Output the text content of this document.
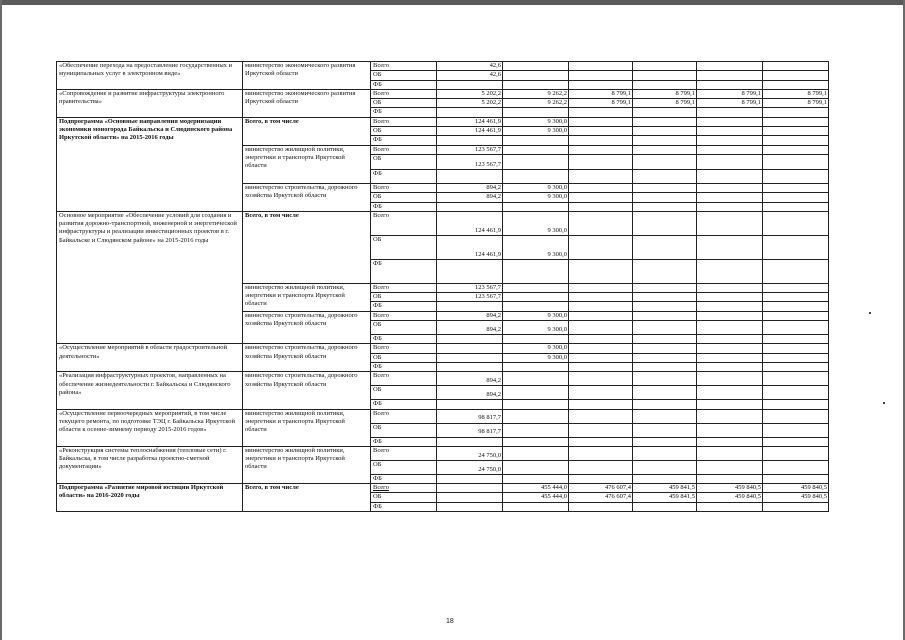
«Обеспечение перехода на предоставление государственных и муниципальных услуг в электронном виде»	министерство экономического развития Иркутской области	Всего	42,6					
		ОБ	42,6					
		ФБ						
«Сопровождение и развитие инфраструктуры электронного правительства»	министерство экономического развития Иркутской области	Всего	5 202,2	9 262,2	8 799,1	8 799,1	8 799,1	8 799,1
		ОБ	5 202,2	9 262,2	8 799,1	8 799,1	8 799,1	8 799,1
		ФБ						
Подпрограмма «Основные направления модернизации экономики моногорода Байкальска и Слюдянского района Иркутской области» на 2015-2016 годы	Всего, в том числе	Всего	124 461,9	9 300,0				
		ОБ	124 461,9	9 300,0				
		ФБ						
	министерство жилищной политики, энергетики и транспорта Иркутской области	Всего	123 567,7					
		ОБ	123 567,7					
		ФБ						
	министерство строительства, дорожного хозяйства Иркутской области	Всего	894,2	9 300,0				
		ОБ	894,2	9 300,0				
		ФБ						
Основное мероприятие «Обеспечение условий для создания и развития дорожно-транспортной, инженерной и энергетической инфраструктуры и реализации инвестиционных проектов в г. Байкальске и Слюдянском районе» на 2015-2016 годы	Всего, в том числе	Всего	124 461,9	9 300,0				
		ОБ	124 461,9	9 300,0				
		ФБ						
	министерство жилищной политики, энергетики и транспорта Иркутской области	Всего	123 567,7					
		ОБ	123 567,7					
		ФБ						
	министерство строительства, дорожного хозяйства Иркутской области	Всего	894,2	9 300,0				
		ОБ	894,2	9 300,0				
		ФБ						
«Осуществление мероприятий в области градостроительной деятельности»	министерство строительства, дорожного хозяйства Иркутской области	Всего		9 300,0				
		ОБ		9 300,0				
		ФБ						
«Реализация инфраструктурных проектов, направленных на обеспечение жизнедеятельности г. Байкальска и Слюдянского района»	министерство строительства, дорожного хозяйства Иркутской области	Всего	894,2					
		ОБ	894,2					
		ФБ						
«Осуществление первоочередных мероприятий, в том числе текущего ремонта, по подготовке ТЭЦ г. Байкальска Иркутской области к осенне-зимнему периоду 2015-2016 годов»	министерство жилищной политики, энергетики и транспорта Иркутской области	Всего	98 817,7					
		ОБ	98 817,7					
		ФБ						
«Реконструкция системы теплоснабжения (тепловые сети) г. Байкальска, в том числе разработка проектно-сметной документации»	министерство жилищной политики, энергетики и транспорта Иркутской области	Всего	24 750,0					
		ОБ	24 750,0					
		ФБ						
Подпрограмма «Развитие мировой юстиции Иркутской области» на 2016-2020 годы	Всего, в том числе	Всего		455 444,0	476 607,4	459 841,5	459 840,5	459 840,5
		ОБ		455 444,0	476 607,4	459 841,5	459 840,5	459 840,5
		ФБ						
18
